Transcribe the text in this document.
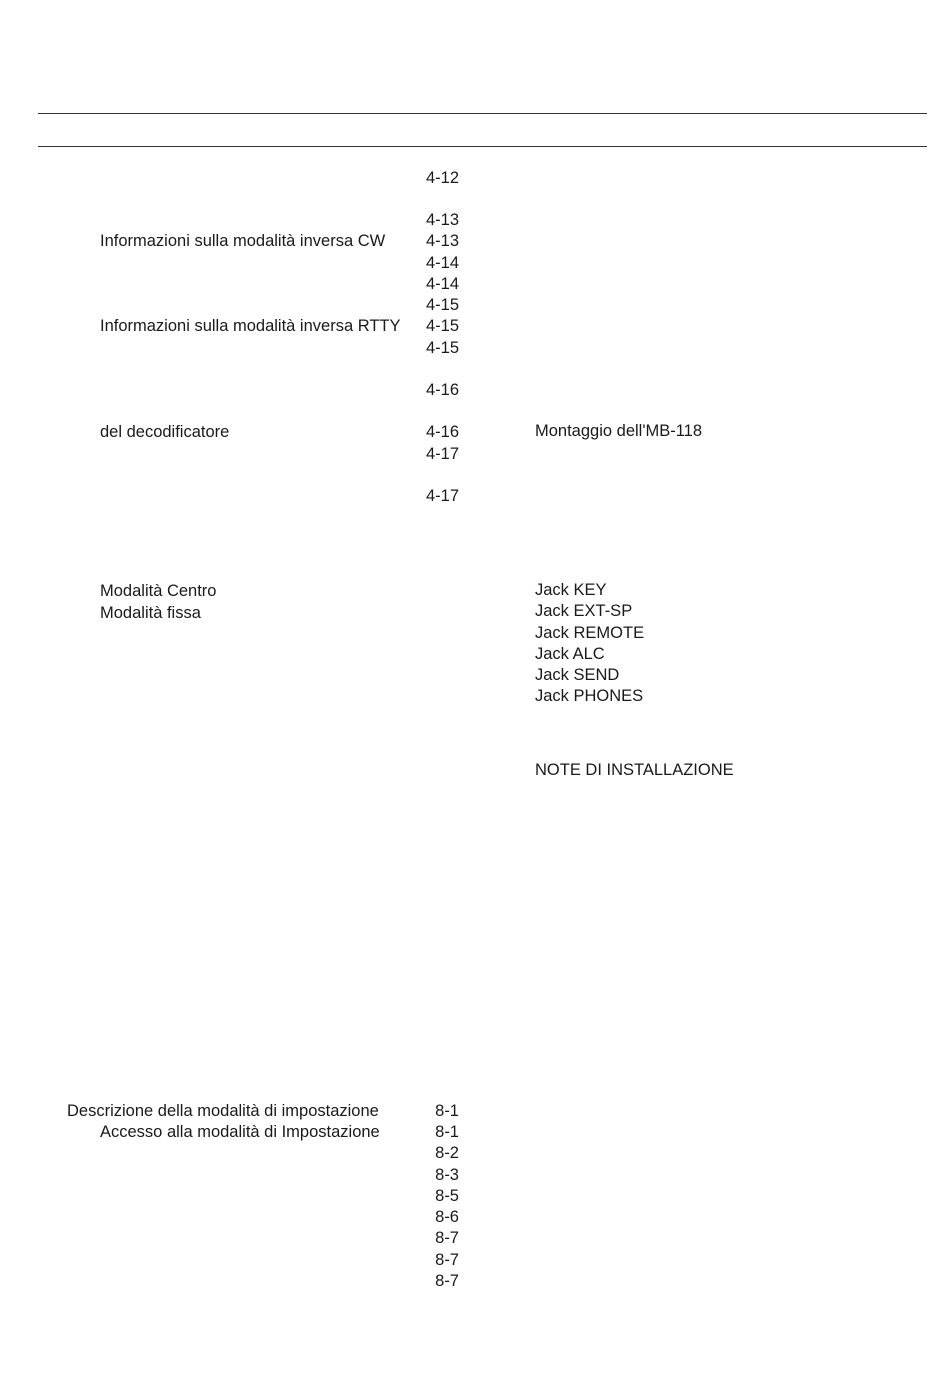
4-12
4-13
Informazioni sulla modalità inversa CW	4-13
4-14
4-14
4-15
Informazioni sulla modalità inversa RTTY	4-15
4-15
4-16
del decodificatore	4-16
4-17
4-17
Modalità Centro
Modalità fissa
Descrizione della modalità di impostazione	8-1
Accesso alla modalità di Impostazione	8-1
8-2
8-3
8-5
8-6
8-7
8-7
8-7
Montaggio dell'MB-118
Jack KEY
Jack EXT-SP
Jack REMOTE
Jack ALC
Jack SEND
Jack PHONES
NOTE DI INSTALLAZIONE
